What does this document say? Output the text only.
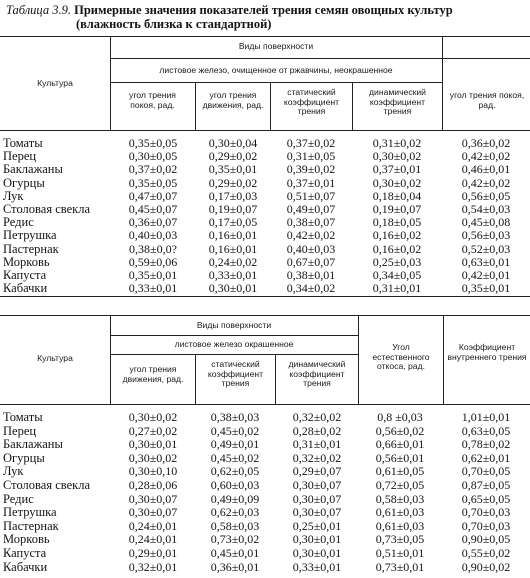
Таблица 3.9. Примерные значения показателей трения семян овощных культур
(влажность близка к стандартной)
Культура
Виды поверхности
листовое железо, очищенное от ржавчины, неокрашенное
угол трения покоя, рад.
угол трения движения, рад.
статический коэффициент трения
динамический коэффициент трения
угол трения покоя, рад.
Томаты	0,35±0,05	0,30±0,04	0,37±0,02	0,31±0,02	0,36±0,02
Перец	0,30±0,05	0,29±0,02	0,31±0,05	0,30±0,02	0,42±0,02
Баклажаны	0,37±0,02	0,35±0,01	0,39±0,02	0,37±0,01	0,46±0,01
Огурцы	0,35±0,05	0,29±0,02	0,37±0,01	0,30±0,02	0,42±0,02
Лук	0,47±0,07	0,17±0,03	0,51±0,07	0,18±0,04	0,56±0,05
Столовая свекла	0,45±0,07	0,19±0,07	0,49±0,07	0,19±0,07	0,54±0,03
Редис	0,36±0,07	0,17±0,05	0,38±0,07	0,18±0,05	0,45±0,08
Петрушка	0,40±0,03	0,16±0,01	0,42±0,02	0,16±0,02	0,56±0,03
Пастернак	0,38±0,0?	0,16±0,01	0,40±0,03	0,16±0,02	0,52±0,03
Морковь	0,59±0,06	0,24±0,02	0,67±0,07	0,25±0,03	0,63±0,01
Капуста	0,35±0,01	0,33±0,01	0,38±0,01	0,34±0,05	0,42±0,01
Кабачки	0,33±0,01	0,30±0,01	0,34±0,02	0,31±0,01	0,35±0,01
Культура
Виды поверхности
листовое железо окрашенное
угол трения движения, рад.
статический коэффициент трения
динамический коэффициент трения
Угол естественного откоса, рад.
Коэффициент внутреннего трения
Томаты	0,30±0,02	0,38±0,03	0,32±0,02	0,8 ±0,03	1,01±0,01
Перец	0,27±0,02	0,45±0,02	0,28±0,02	0,56±0,02	0,63±0,05
Баклажаны	0,30±0,01	0,49±0,01	0,31±0,01	0,66±0,01	0,78±0,02
Огурцы	0,30±0,02	0,45±0,02	0,32±0,02	0,56±0,01	0,62±0,01
Лук	0,30±0,10	0,62±0,05	0,29±0,07	0,61±0,05	0,70±0,05
Столовая свекла	0,28±0,06	0,60±0,03	0,30±0,07	0,72±0,05	0,87±0,05
Редис	0,30±0,07	0,49±0,09	0,30±0,07	0,58±0,03	0,65±0,05
Петрушка	0,30±0,07	0,62±0,03	0,30±0,07	0,61±0,03	0,70±0,03
Пастернак	0,24±0,01	0,58±0,03	0,25±0,01	0,61±0,03	0,70±0,03
Морковь	0,24±0,01	0,73±0,02	0,30±0,01	0,73±0,05	0,90±0,05
Капуста	0,29±0,01	0,45±0,01	0,30±0,01	0,51±0,01	0,55±0,02
Кабачки	0,32±0,01	0,36±0,01	0,33±0,01	0,73±0,01	0,90±0,02
